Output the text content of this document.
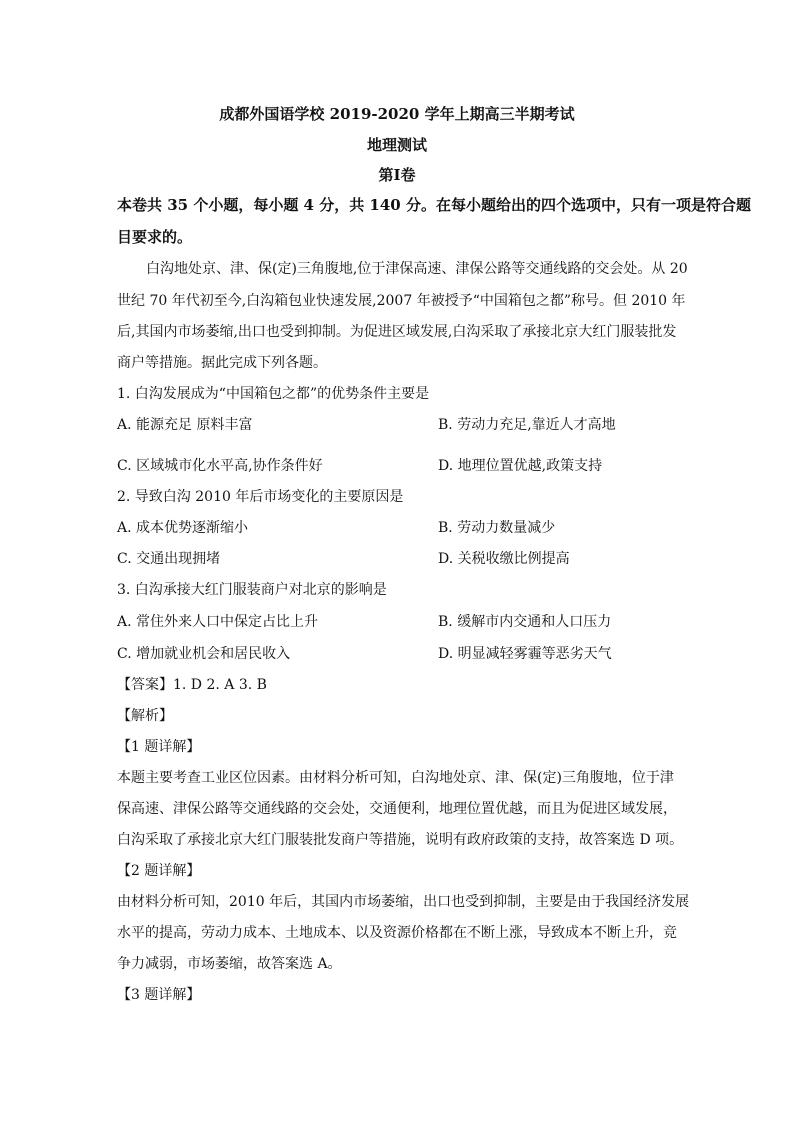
成都外国语学校 2019-2020 学年上期高三半期考试
地理测试
第Ⅰ卷
本卷共 35 个小题，每小题 4 分，共 140 分。在每小题给出的四个选项中，只有一项是符合题
目要求的。
白沟地处京、津、保(定)三角腹地,位于津保高速、津保公路等交通线路的交会处。从 20
世纪 70 年代初至今,白沟箱包业快速发展,2007 年被授予“中国箱包之都”称号。但 2010 年
后,其国内市场萎缩,出口也受到抑制。为促进区域发展,白沟采取了承接北京大红门服装批发
商户等措施。据此完成下列各题。
1. 白沟发展成为“中国箱包之都”的优势条件主要是
A. 能源充足 原料丰富	B. 劳动力充足,靠近人才高地
C. 区域城市化水平高,协作条件好	D. 地理位置优越,政策支持
2. 导致白沟 2010 年后市场变化的主要原因是
A. 成本优势逐渐缩小	B. 劳动力数量减少
C. 交通出现拥堵	D. 关税收缴比例提高
3. 白沟承接大红门服装商户对北京的影响是
A. 常住外来人口中保定占比上升	B. 缓解市内交通和人口压力
C. 增加就业机会和居民收入	D. 明显减轻雾霾等恶劣天气
【答案】1. D 2. A 3. B
【解析】
【1 题详解】
本题主要考查工业区位因素。由材料分析可知，白沟地处京、津、保(定)三角腹地，位于津
保高速、津保公路等交通线路的交会处，交通便利，地理位置优越，而且为促进区域发展，
白沟采取了承接北京大红门服装批发商户等措施，说明有政府政策的支持，故答案选 D 项。
【2 题详解】
由材料分析可知，2010 年后，其国内市场萎缩，出口也受到抑制，主要是由于我国经济发展
水平的提高，劳动力成本、土地成本、以及资源价格都在不断上涨，导致成本不断上升，竞
争力减弱，市场萎缩，故答案选 A。
【3 题详解】
